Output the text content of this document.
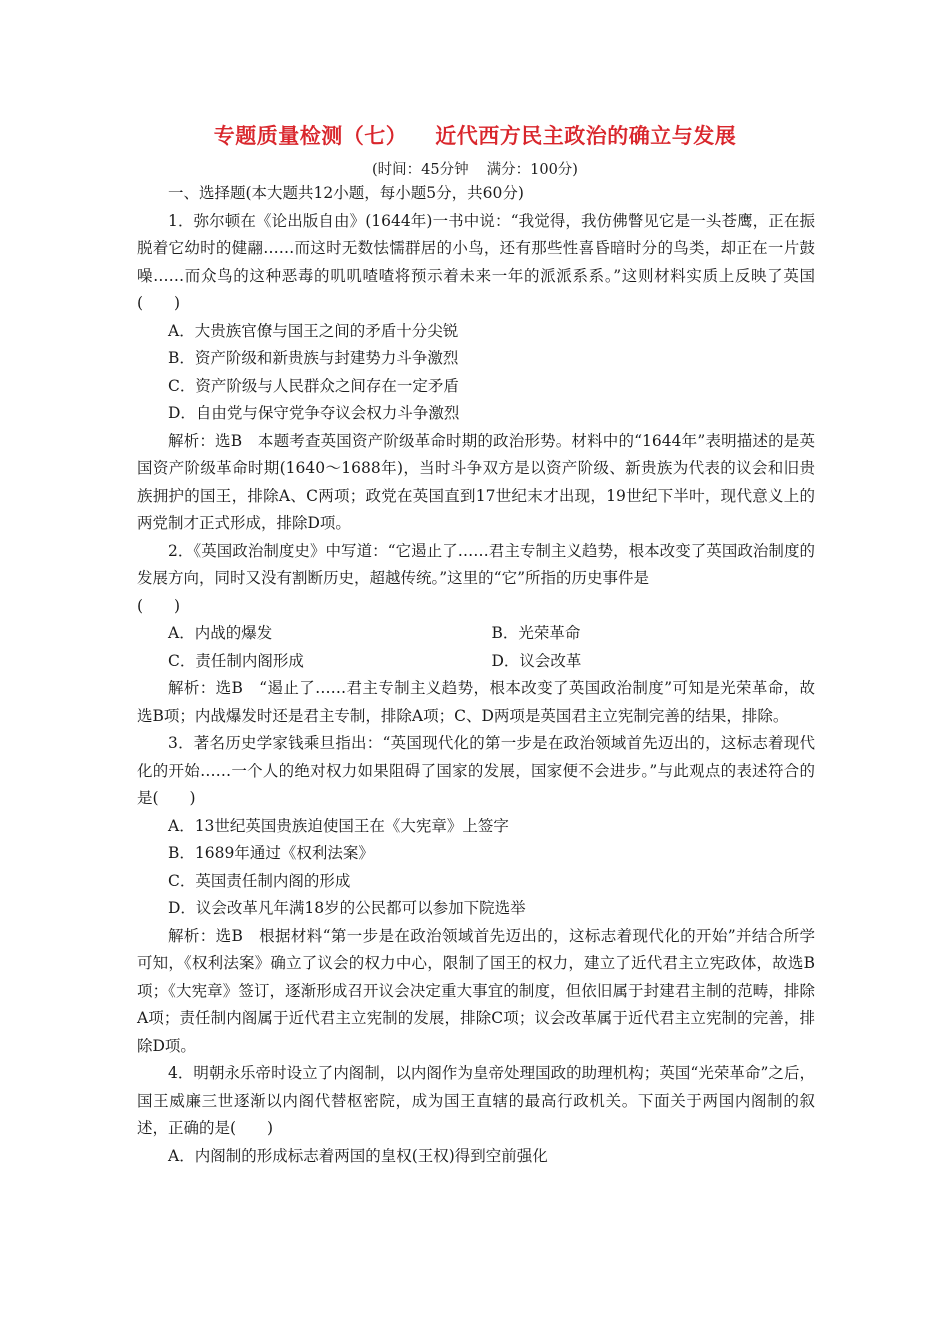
专题质量检测（七） 近代西方民主政治的确立与发展
(时间：45分钟 满分：100分)

一、选择题(本大题共12小题，每小题5分，共60分)

1．弥尔顿在《论出版自由》(1644年)一书中说：“我觉得，我仿佛瞥见它是一头苍鹰，正在振脱着它幼时的健翮……而这时无数怯懦群居的小鸟，还有那些性喜昏暗时分的鸟类，却正在一片鼓噪……而众鸟的这种恶毒的叽叽喳喳将预示着未来一年的派派系系。”这则材料实质上反映了英国(　　)

A．大贵族官僚与国王之间的矛盾十分尖锐

B．资产阶级和新贵族与封建势力斗争激烈

C．资产阶级与人民群众之间存在一定矛盾

D．自由党与保守党争夺议会权力斗争激烈

解析：选B　本题考查英国资产阶级革命时期的政治形势。材料中的“1644年”表明描述的是英国资产阶级革命时期(1640～1688年)，当时斗争双方是以资产阶级、新贵族为代表的议会和旧贵族拥护的国王，排除A、C两项；政党在英国直到17世纪末才出现，19世纪下半叶，现代意义上的两党制才正式形成，排除D项。

2．《英国政治制度史》中写道：“它遏止了……君主专制主义趋势，根本改变了英国政治制度的发展方向，同时又没有割断历史，超越传统。”这里的“它”所指的历史事件是

(　　)

A．内战的爆发	B．光荣革命
C．责任制内阁形成	D．议会改革

解析：选B　“遏止了……君主专制主义趋势，根本改变了英国政治制度”可知是光荣革命，故选B项；内战爆发时还是君主专制，排除A项；C、D两项是英国君主立宪制完善的结果，排除。

3．著名历史学家钱乘旦指出：“英国现代化的第一步是在政治领域首先迈出的，这标志着现代化的开始……一个人的绝对权力如果阻碍了国家的发展，国家便不会进步。”与此观点的表述符合的是(　　)

A．13世纪英国贵族迫使国王在《大宪章》上签字

B．1689年通过《权利法案》

C．英国责任制内阁的形成

D．议会改革凡年满18岁的公民都可以参加下院选举

解析：选B　根据材料“第一步是在政治领域首先迈出的，这标志着现代化的开始”并结合所学可知，《权利法案》确立了议会的权力中心，限制了国王的权力，建立了近代君主立宪政体，故选B项；《大宪章》签订，逐渐形成召开议会决定重大事宜的制度，但依旧属于封建君主制的范畴，排除A项；责任制内阁属于近代君主立宪制的发展，排除C项；议会改革属于近代君主立宪制的完善，排除D项。

4．明朝永乐帝时设立了内阁制，以内阁作为皇帝处理国政的助理机构；英国“光荣革命”之后，国王威廉三世逐渐以内阁代替枢密院，成为国王直辖的最高行政机关。下面关于两国内阁制的叙述，正确的是(　　)

A．内阁制的形成标志着两国的皇权(王权)得到空前强化
